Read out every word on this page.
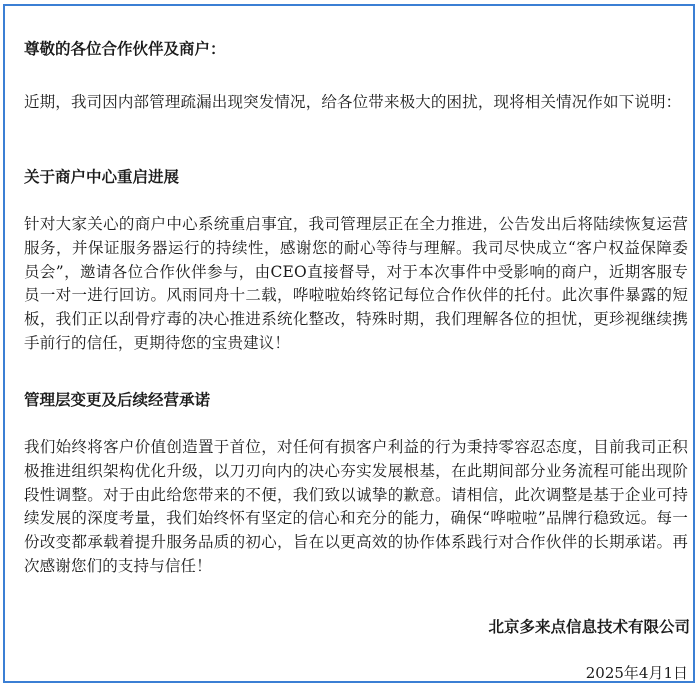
尊敬的各位合作伙伴及商户：

近期，我司因内部管理疏漏出现突发情况，给各位带来极大的困扰，现将相关情况作如下说明：

关于商户中心重启进展

针对大家关心的商户中心系统重启事宜，我司管理层正在全力推进，公告发出后将陆续恢复运营服务，并保证服务器运行的持续性，感谢您的耐心等待与理解。我司尽快成立“客户权益保障委员会”，邀请各位合作伙伴参与，由CEO直接督导，对于本次事件中受影响的商户，近期客服专员一对一进行回访。风雨同舟十二载，哗啦啦始终铭记每位合作伙伴的托付。此次事件暴露的短板，我们正以刮骨疗毒的决心推进系统化整改，特殊时期，我们理解各位的担忧，更珍视继续携手前行的信任，更期待您的宝贵建议！

管理层变更及后续经营承诺

我们始终将客户价值创造置于首位，对任何有损客户利益的行为秉持零容忍态度，目前我司正积极推进组织架构优化升级，以刀刃向内的决心夯实发展根基，在此期间部分业务流程可能出现阶段性调整。对于由此给您带来的不便，我们致以诚挚的歉意。请相信，此次调整是基于企业可持续发展的深度考量，我们始终怀有坚定的信心和充分的能力，确保“哗啦啦”品牌行稳致远。每一份改变都承载着提升服务品质的初心，旨在以更高效的协作体系践行对合作伙伴的长期承诺。再次感谢您们的支持与信任！

北京多来点信息技术有限公司
2025年4月1日
